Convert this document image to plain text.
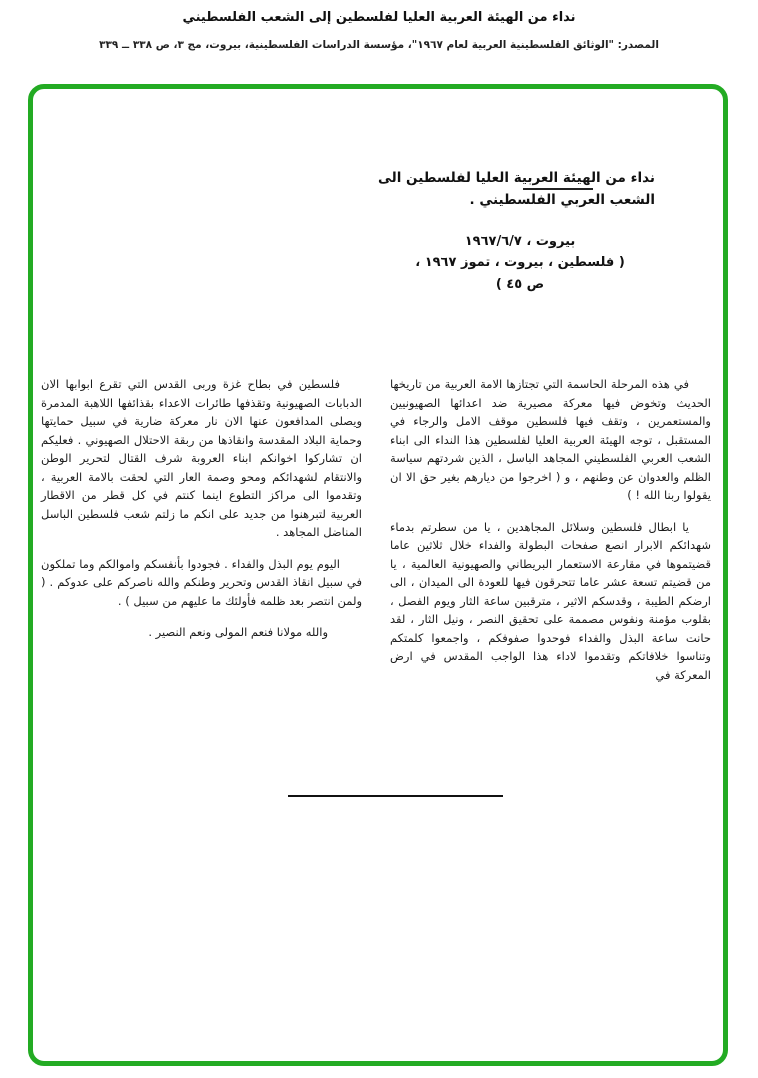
نداء من الهيئة العربية العليا لفلسطين إلى الشعب الفلسطيني
المصدر: "الوثائق الفلسطينية العربية لعام ١٩٦٧"، مؤسسة الدراسات الفلسطينية، بيروت، مج ٣، ص ٣٣٨ ــ ٣٣٩
نداء من الهيئة العربية العليا لفلسطين الى
الشعب العربي الفلسطيني .
بيروت ، ١٩٦٧/٦/٧
( فلسطين ، بيروت ، تموز ١٩٦٧ ،
ص ٤٥ )

في هذه المرحلة الحاسمة التي تجتازها الامة العربية من تاريخها الحديث وتخوض فيها معركة مصيرية ضد اعدائها الصهيونيين والمستعمرين ، وتقف فيها فلسطين موقف الامل والرجاء في المستقبل ، توجه الهيئة العربية العليا لفلسطين هذا النداء الى ابناء الشعب العربي الفلسطيني المجاهد الباسل ، الذين شردتهم سياسة الظلم والعدوان عن وطنهم ، و ( اخرجوا من ديارهم بغير حق الا ان يقولوا ربنا الله ! )

يا ابطال فلسطين وسلائل المجاهدين ، يا من سطرتم بدماء شهدائكم الابرار انصع صفحات البطولة والفداء خلال ثلاثين عاما قضيتموها في مقارعة الاستعمار البريطاني والصهيونية العالمية ، يا من قضيتم تسعة عشر عاما تتحرقون فيها للعودة الى الميدان ، الى ارضكم الطيبة ، وقدسكم الاثير ، مترقبين ساعة الثار ويوم الفصل ، بقلوب مؤمنة ونفوس مصممة على تحقيق النصر ، ونيل الثار ، لقد حانت ساعة البذل والفداء فوحدوا صفوفكم ، واجمعوا كلمتكم وتناسوا خلافاتكم وتقدموا لاداء هذا الواجب المقدس في ارض المعركة في

فلسطين في بطاح غزة وربى القدس التي تقرع ابوابها الان الدبابات الصهيونية وتقذفها طائرات الاعداء بقذائفها اللاهبة المدمرة ويصلى المدافعون عنها الان نار معركة ضارية في سبيل حمايتها وحماية البلاد المقدسة وانقاذها من ربقة الاحتلال الصهيوني . فعليكم ان تشاركوا اخوانكم ابناء العروبة شرف القتال لتحرير الوطن والانتقام لشهدائكم ومحو وصمة العار التي لحقت بالامة العربية ، وتقدموا الى مراكز التطوع اينما كنتم في كل قطر من الاقطار العربية لتبرهنوا من جديد على انكم ما زلتم شعب فلسطين الباسل المناضل المجاهد .

اليوم يوم البذل والفداء . فجودوا بأنفسكم واموالكم وما تملكون في سبيل انقاذ القدس وتحرير وطنكم والله ناصركم على عدوكم . ( ولمن انتصر بعد ظلمه فأولئك ما عليهم من سبيل ) .

والله مولانا فنعم المولى ونعم النصير .
